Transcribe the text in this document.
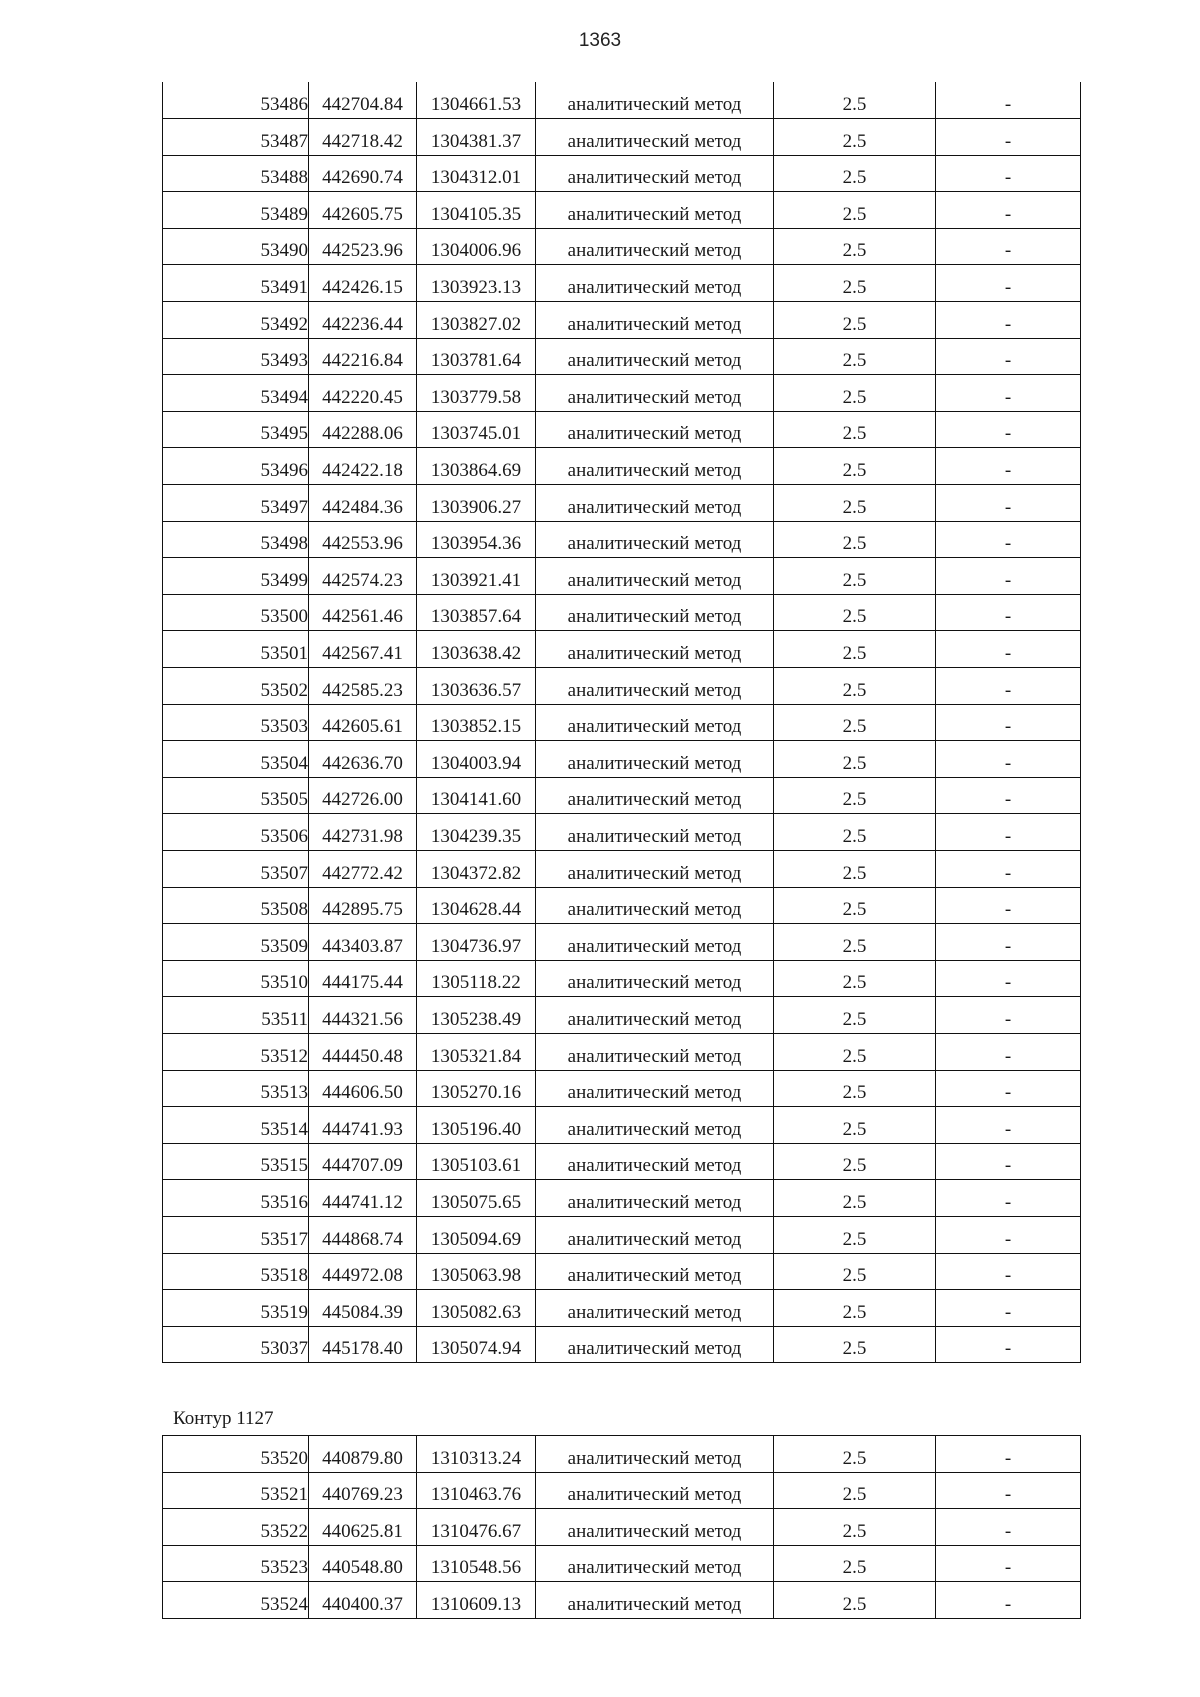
1363
53486	442704.84	1304661.53	аналитический метод	2.5	-
53487	442718.42	1304381.37	аналитический метод	2.5	-
53488	442690.74	1304312.01	аналитический метод	2.5	-
53489	442605.75	1304105.35	аналитический метод	2.5	-
53490	442523.96	1304006.96	аналитический метод	2.5	-
53491	442426.15	1303923.13	аналитический метод	2.5	-
53492	442236.44	1303827.02	аналитический метод	2.5	-
53493	442216.84	1303781.64	аналитический метод	2.5	-
53494	442220.45	1303779.58	аналитический метод	2.5	-
53495	442288.06	1303745.01	аналитический метод	2.5	-
53496	442422.18	1303864.69	аналитический метод	2.5	-
53497	442484.36	1303906.27	аналитический метод	2.5	-
53498	442553.96	1303954.36	аналитический метод	2.5	-
53499	442574.23	1303921.41	аналитический метод	2.5	-
53500	442561.46	1303857.64	аналитический метод	2.5	-
53501	442567.41	1303638.42	аналитический метод	2.5	-
53502	442585.23	1303636.57	аналитический метод	2.5	-
53503	442605.61	1303852.15	аналитический метод	2.5	-
53504	442636.70	1304003.94	аналитический метод	2.5	-
53505	442726.00	1304141.60	аналитический метод	2.5	-
53506	442731.98	1304239.35	аналитический метод	2.5	-
53507	442772.42	1304372.82	аналитический метод	2.5	-
53508	442895.75	1304628.44	аналитический метод	2.5	-
53509	443403.87	1304736.97	аналитический метод	2.5	-
53510	444175.44	1305118.22	аналитический метод	2.5	-
53511	444321.56	1305238.49	аналитический метод	2.5	-
53512	444450.48	1305321.84	аналитический метод	2.5	-
53513	444606.50	1305270.16	аналитический метод	2.5	-
53514	444741.93	1305196.40	аналитический метод	2.5	-
53515	444707.09	1305103.61	аналитический метод	2.5	-
53516	444741.12	1305075.65	аналитический метод	2.5	-
53517	444868.74	1305094.69	аналитический метод	2.5	-
53518	444972.08	1305063.98	аналитический метод	2.5	-
53519	445084.39	1305082.63	аналитический метод	2.5	-
53037	445178.40	1305074.94	аналитический метод	2.5	-
Контур 1127
53520	440879.80	1310313.24	аналитический метод	2.5	-
53521	440769.23	1310463.76	аналитический метод	2.5	-
53522	440625.81	1310476.67	аналитический метод	2.5	-
53523	440548.80	1310548.56	аналитический метод	2.5	-
53524	440400.37	1310609.13	аналитический метод	2.5	-
